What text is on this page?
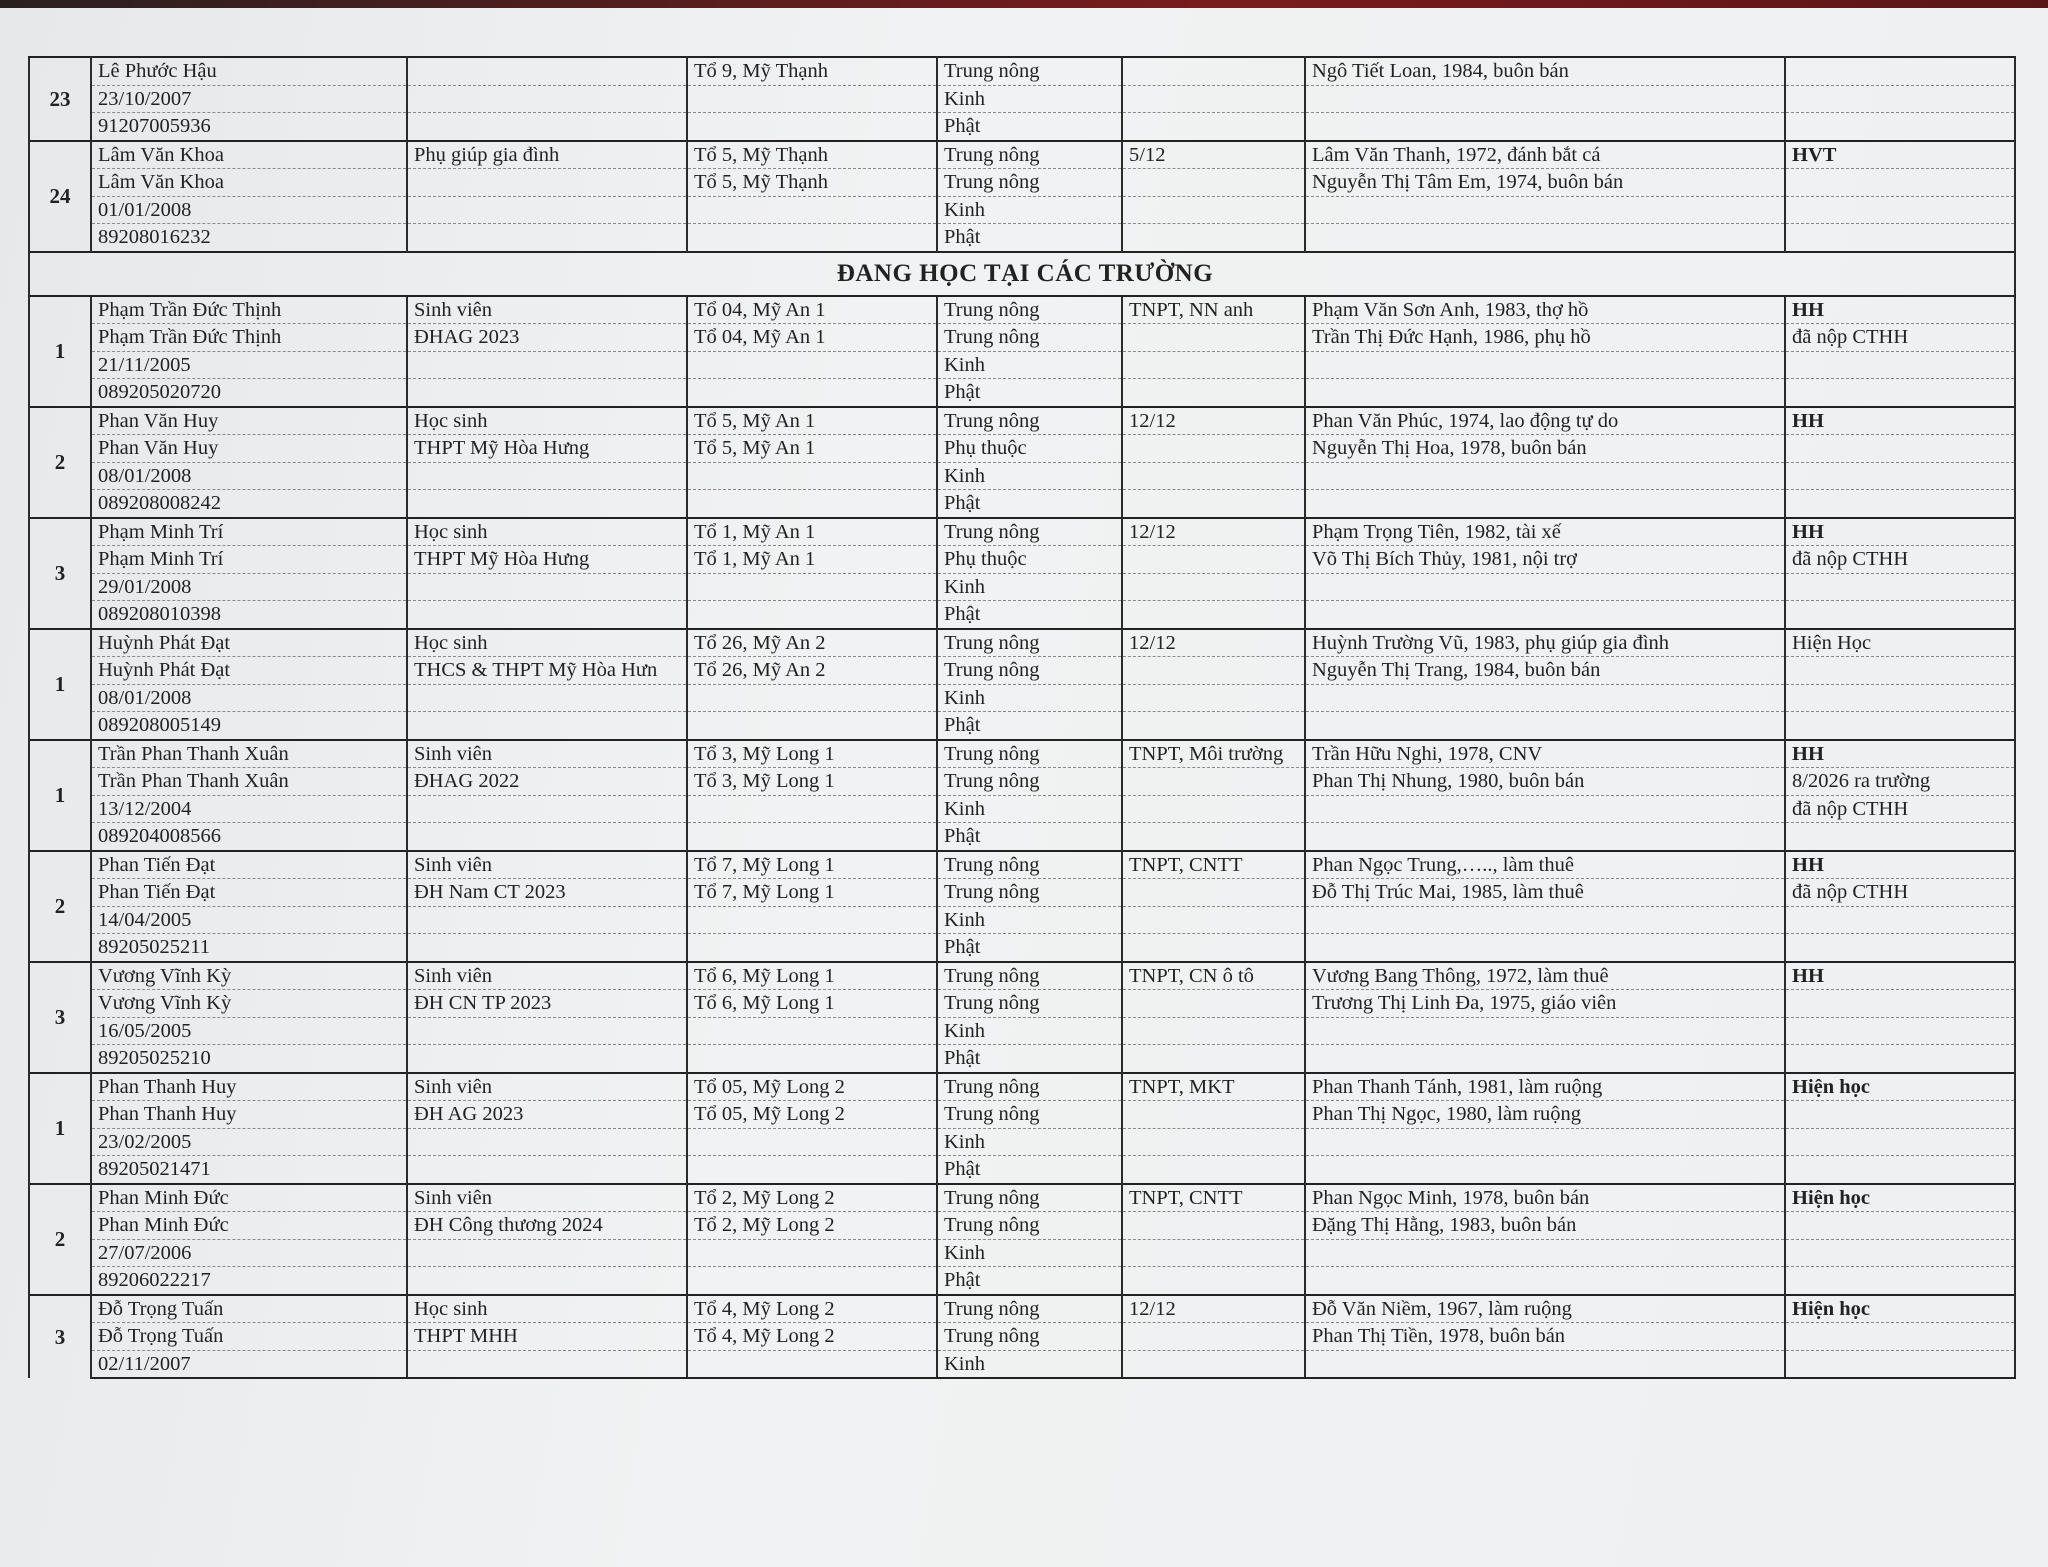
23	Lê Phước Hậu		Tổ 9, Mỹ Thạnh	Trung nông		Ngô Tiết Loan, 1984, buôn bán	
	23/10/2007			Kinh			
	91207005936			Phật			
24	Lâm Văn Khoa	Phụ giúp gia đình	Tổ 5, Mỹ Thạnh	Trung nông	5/12	Lâm Văn Thanh, 1972, đánh bắt cá	HVT
	Lâm Văn Khoa		Tổ 5, Mỹ Thạnh	Trung nông		Nguyễn Thị Tâm Em, 1974, buôn bán	
	01/01/2008			Kinh			
	89208016232			Phật			
ĐANG HỌC TẠI CÁC TRƯỜNG							
1	Phạm Trần Đức Thịnh	Sinh viên	Tổ 04, Mỹ An 1	Trung nông	TNPT, NN anh	Phạm Văn Sơn Anh, 1983, thợ hồ	HH
	Phạm Trần Đức Thịnh	ĐHAG 2023	Tổ 04, Mỹ An 1	Trung nông		Trần Thị Đức Hạnh, 1986, phụ hồ	đã nộp CTHH
	21/11/2005			Kinh			
	089205020720			Phật			
2	Phan Văn Huy	Học sinh	Tổ 5, Mỹ An 1	Trung nông	12/12	Phan Văn Phúc, 1974, lao động tự do	HH
	Phan Văn Huy	THPT Mỹ Hòa Hưng	Tổ 5, Mỹ An 1	Phụ thuộc		Nguyễn Thị Hoa, 1978, buôn bán	
	08/01/2008			Kinh			
	089208008242			Phật			
3	Phạm Minh Trí	Học sinh	Tổ 1, Mỹ An 1	Trung nông	12/12	Phạm Trọng Tiên, 1982, tài xế	HH
	Phạm Minh Trí	THPT Mỹ Hòa Hưng	Tổ 1, Mỹ An 1	Phụ thuộc		Võ Thị Bích Thủy, 1981, nội trợ	đã nộp CTHH
	29/01/2008			Kinh			
	089208010398			Phật			
1	Huỳnh Phát Đạt	Học sinh	Tổ 26, Mỹ An 2	Trung nông	12/12	Huỳnh Trường Vũ, 1983, phụ giúp gia đình	Hiện Học
	Huỳnh Phát Đạt	THCS & THPT Mỹ Hòa Hưn	Tổ 26, Mỹ An 2	Trung nông		Nguyễn Thị Trang, 1984, buôn bán	
	08/01/2008			Kinh			
	089208005149			Phật			
1	Trần Phan Thanh Xuân	Sinh viên	Tổ 3, Mỹ Long 1	Trung nông	TNPT, Môi trường	Trần Hữu Nghi, 1978, CNV	HH
	Trần Phan Thanh Xuân	ĐHAG 2022	Tổ 3, Mỹ Long 1	Trung nông		Phan Thị Nhung, 1980, buôn bán	8/2026 ra trường
	13/12/2004			Kinh			đã nộp CTHH
	089204008566			Phật			
2	Phan Tiến Đạt	Sinh viên	Tổ 7, Mỹ Long 1	Trung nông	TNPT, CNTT	Phan Ngọc Trung,….., làm thuê	HH
	Phan Tiến Đạt	ĐH Nam CT 2023	Tổ 7, Mỹ Long 1	Trung nông		Đỗ Thị Trúc Mai, 1985, làm thuê	đã nộp CTHH
	14/04/2005			Kinh			
	89205025211			Phật			
3	Vương Vĩnh Kỳ	Sinh viên	Tổ 6, Mỹ Long 1	Trung nông	TNPT, CN ô tô	Vương Bang Thông, 1972, làm thuê	HH
	Vương Vĩnh Kỳ	ĐH CN TP 2023	Tổ 6, Mỹ Long 1	Trung nông		Trương Thị Linh Đa, 1975, giáo viên	
	16/05/2005			Kinh			
	89205025210			Phật			
1	Phan Thanh Huy	Sinh viên	Tổ 05, Mỹ Long 2	Trung nông	TNPT, MKT	Phan Thanh Tánh, 1981, làm ruộng	Hiện học
	Phan Thanh Huy	ĐH AG 2023	Tổ 05, Mỹ Long 2	Trung nông		Phan Thị Ngọc, 1980, làm ruộng	
	23/02/2005			Kinh			
	89205021471			Phật			
2	Phan Minh Đức	Sinh viên	Tổ 2, Mỹ Long 2	Trung nông	TNPT, CNTT	Phan Ngọc Minh, 1978, buôn bán	Hiện học
	Phan Minh Đức	ĐH Công thương 2024	Tổ 2, Mỹ Long 2	Trung nông		Đặng Thị Hằng, 1983, buôn bán	
	27/07/2006			Kinh			
	89206022217			Phật			
3	Đỗ Trọng Tuấn	Học sinh	Tổ 4, Mỹ Long 2	Trung nông	12/12	Đỗ Văn Niềm, 1967, làm ruộng	Hiện học
	Đỗ Trọng Tuấn	THPT MHH	Tổ 4, Mỹ Long 2	Trung nông		Phan Thị Tiền, 1978, buôn bán	
	02/11/2007			Kinh			
